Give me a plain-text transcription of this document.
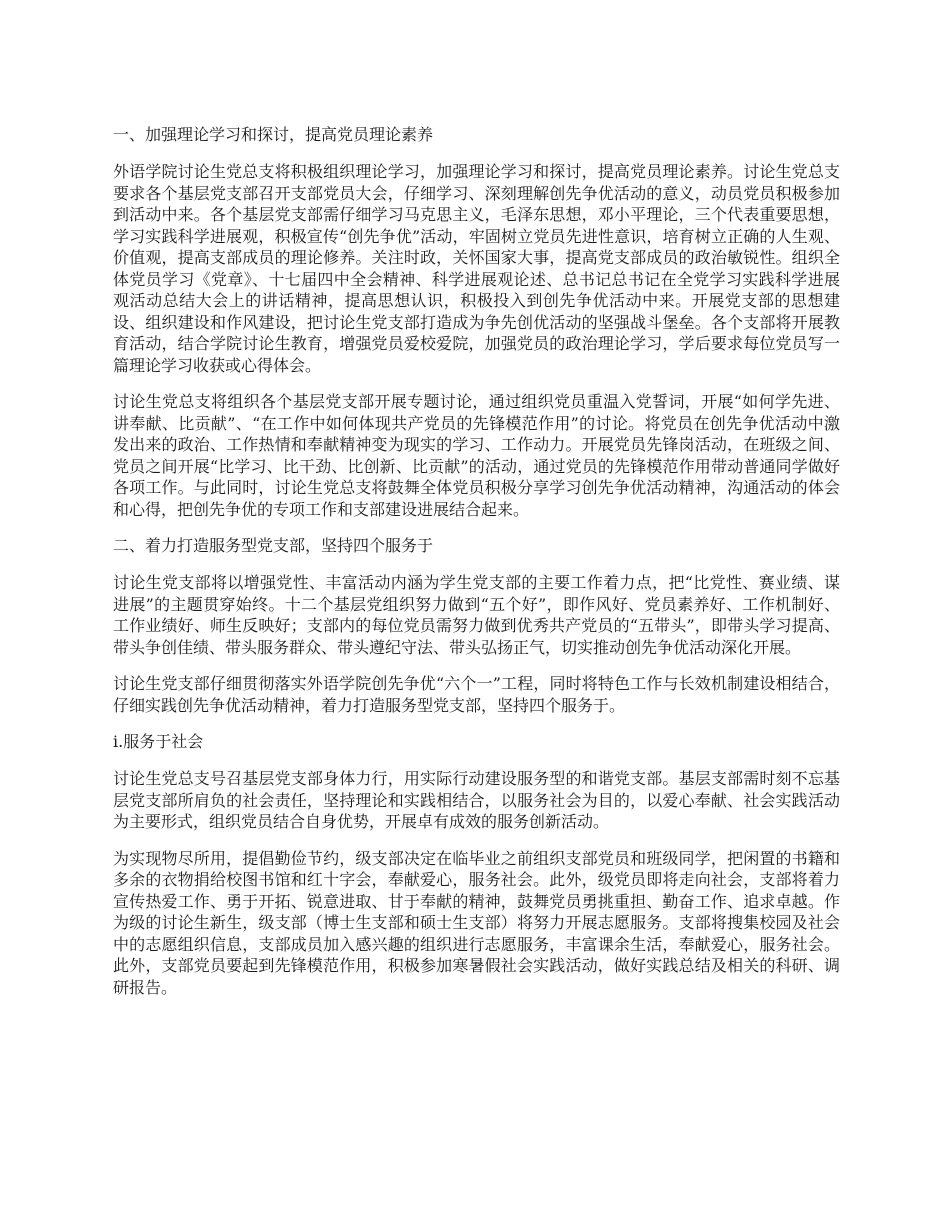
一、加强理论学习和探讨，提高党员理论素养

外语学院讨论生党总支将积极组织理论学习，加强理论学习和探讨，提高党员理论素养。讨论生党总支要求各个基层党支部召开支部党员大会，仔细学习、深刻理解创先争优活动的意义，动员党员积极参加到活动中来。各个基层党支部需仔细学习马克思主义，毛泽东思想，邓小平理论，三个代表重要思想，学习实践科学进展观，积极宣传“创先争优”活动，牢固树立党员先进性意识，培育树立正确的人生观、价值观，提高支部成员的理论修养。关注时政，关怀国家大事，提高党支部成员的政治敏锐性。组织全体党员学习《党章》、十七届四中全会精神、科学进展观论述、总书记总书记在全党学习实践科学进展观活动总结大会上的讲话精神，提高思想认识，积极投入到创先争优活动中来。开展党支部的思想建设、组织建设和作风建设，把讨论生党支部打造成为争先创优活动的坚强战斗堡垒。各个支部将开展教育活动，结合学院讨论生教育，增强党员爱校爱院，加强党员的政治理论学习，学后要求每位党员写一篇理论学习收获或心得体会。

讨论生党总支将组织各个基层党支部开展专题讨论，通过组织党员重温入党誓词，开展“如何学先进、讲奉献、比贡献”、“在工作中如何体现共产党员的先锋模范作用”的讨论。将党员在创先争优活动中激发出来的政治、工作热情和奉献精神变为现实的学习、工作动力。开展党员先锋岗活动，在班级之间、党员之间开展“比学习、比干劲、比创新、比贡献”的活动，通过党员的先锋模范作用带动普通同学做好各项工作。与此同时，讨论生党总支将鼓舞全体党员积极分享学习创先争优活动精神，沟通活动的体会和心得，把创先争优的专项工作和支部建设进展结合起来。

二、着力打造服务型党支部，坚持四个服务于

讨论生党支部将以增强党性、丰富活动内涵为学生党支部的主要工作着力点，把“比党性、赛业绩、谋进展”的主题贯穿始终。十二个基层党组织努力做到“五个好”，即作风好、党员素养好、工作机制好、工作业绩好、师生反映好；支部内的每位党员需努力做到优秀共产党员的“五带头”，即带头学习提高、带头争创佳绩、带头服务群众、带头遵纪守法、带头弘扬正气，切实推动创先争优活动深化开展。

讨论生党支部仔细贯彻落实外语学院创先争优“六个一”工程，同时将特色工作与长效机制建设相结合，仔细实践创先争优活动精神，着力打造服务型党支部，坚持四个服务于。

i.服务于社会

讨论生党总支号召基层党支部身体力行，用实际行动建设服务型的和谐党支部。基层支部需时刻不忘基层党支部所肩负的社会责任，坚持理论和实践相结合，以服务社会为目的，以爱心奉献、社会实践活动为主要形式，组织党员结合自身优势，开展卓有成效的服务创新活动。

为实现物尽所用，提倡勤俭节约，级支部决定在临毕业之前组织支部党员和班级同学，把闲置的书籍和多余的衣物捐给校图书馆和红十字会，奉献爱心，服务社会。此外，级党员即将走向社会，支部将着力宣传热爱工作、勇于开拓、锐意进取、甘于奉献的精神，鼓舞党员勇挑重担、勤奋工作、追求卓越。作为级的讨论生新生，级支部（博士生支部和硕士生支部）将努力开展志愿服务。支部将搜集校园及社会中的志愿组织信息，支部成员加入感兴趣的组织进行志愿服务，丰富课余生活，奉献爱心，服务社会。此外，支部党员要起到先锋模范作用，积极参加寒暑假社会实践活动，做好实践总结及相关的科研、调研报告。
